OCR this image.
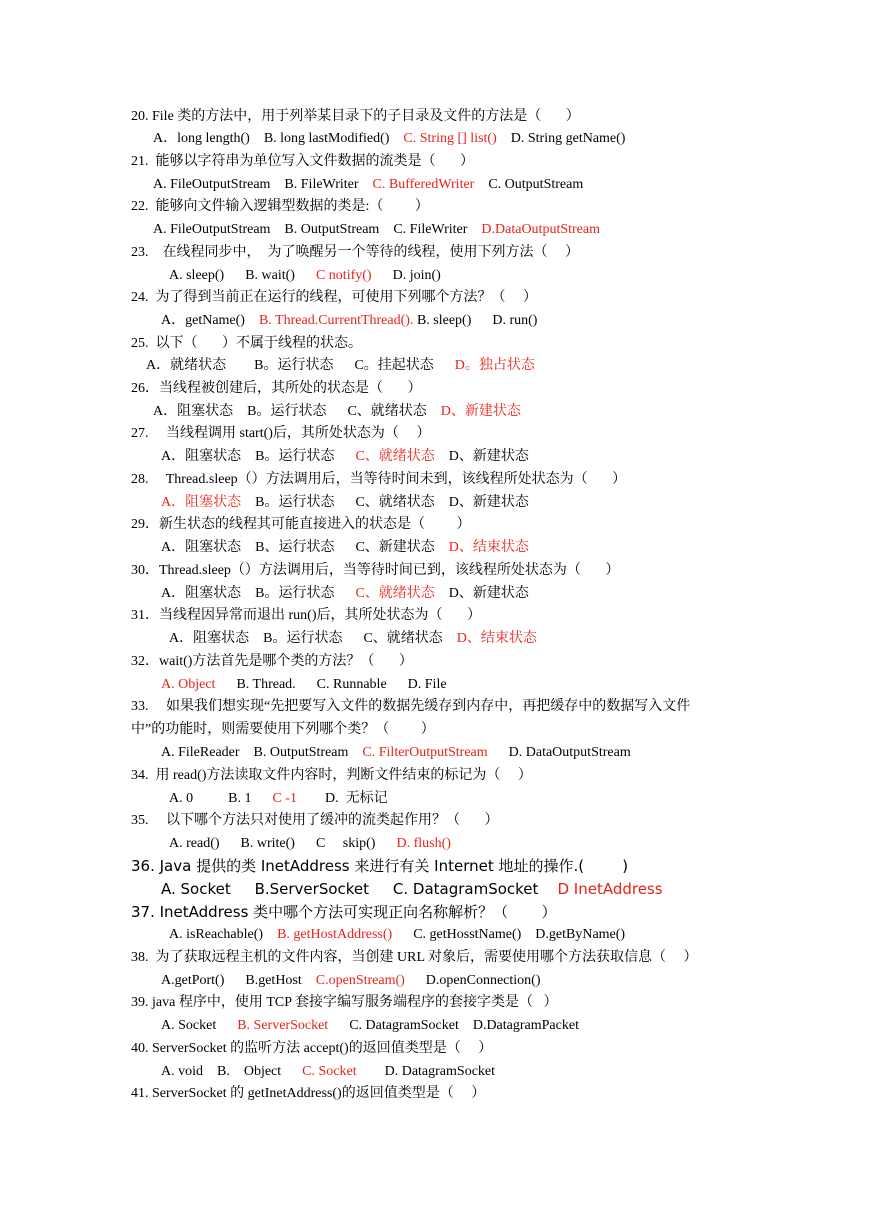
20. File 类的方法中，用于列举某目录下的子目录及文件的方法是（       ）
A．long length()    B. long lastModified()    C. String [] list()    D. String getName()
21.  能够以字符串为单位写入文件数据的流类是（       ）
A. FileOutputStream    B. FileWriter    C. BufferedWriter    C. OutputStream
22.  能够向文件输入逻辑型数据的类是:（         ）
A. FileOutputStream    B. OutputStream    C. FileWriter    D.DataOutputStream
23.    在线程同步中，  为了唤醒另一个等待的线程，使用下列方法（     ）
A. sleep()      B. wait()      C notify()      D. join()
24.  为了得到当前正在运行的线程，可使用下列哪个方法？（     ）
A．getName()    B. Thread.CurrentThread(). B. sleep()      D. run()
25.  以下（       ）不属于线程的状态。
A．就绪状态        B。运行状态      C。挂起状态      D。独占状态
26．当线程被创建后，其所处的状态是（       ）
A．阻塞状态    B。运行状态      C、就绪状态    D、新建状态
27.     当线程调用 start()后，其所处状态为（     ）
A．阻塞状态    B。运行状态      C、就绪状态    D、新建状态
28.     Thread.sleep（）方法调用后，当等待时间未到，该线程所处状态为（       ）
A．阻塞状态    B。运行状态      C、就绪状态    D、新建状态
29．新生状态的线程其可能直接进入的状态是（         ）
A．阻塞状态    B、运行状态      C、新建状态    D、结束状态
30．Thread.sleep（）方法调用后，当等待时间已到，该线程所处状态为（       ）
A．阻塞状态    B。运行状态      C、就绪状态    D、新建状态
31．当线程因异常而退出 run()后，其所处状态为（       ）
A．阻塞状态    B。运行状态      C、就绪状态    D、结束状态
32．wait()方法首先是哪个类的方法？（       ）
A. Object      B. Thread.      C. Runnable      D. File
33.     如果我们想实现“先把要写入文件的数据先缓存到内存中，再把缓存中的数据写入文件
中”的功能时，则需要使用下列哪个类？（         ）
A. FileReader    B. OutputStream    C. FilterOutputStream      D. DataOutputStream
34.  用 read()方法读取文件内容时，判断文件结束的标记为（     ）
A. 0          B. 1      C -1        D.  无标记
35.     以下哪个方法只对使用了缓冲的流类起作用？（       ）
A. read()      B. write()      C     skip()      D. flush()
36. Java 提供的类 InetAddress 来进行有关 Internet 地址的操作.(        )
A. Socket     B.ServerSocket     C. DatagramSocket    D InetAddress
37. InetAddress 类中哪个方法可实现正向名称解析？（       ）
A. isReachable()    B. getHostAddress()      C. getHosstName()    D.getByName()
38.  为了获取远程主机的文件内容，当创建 URL 对象后，需要使用哪个方法获取信息（     ）
A.getPort()      B.getHost    C.openStream()      D.openConnection()
39. java 程序中，使用 TCP 套接字编写服务端程序的套接字类是（   ）
A. Socket      B. ServerSocket      C. DatagramSocket    D.DatagramPacket
40. ServerSocket 的监听方法 accept()的返回值类型是（     ）
A. void    B.    Object      C. Socket        D. DatagramSocket
41. ServerSocket 的 getInetAddress()的返回值类型是（     ）
